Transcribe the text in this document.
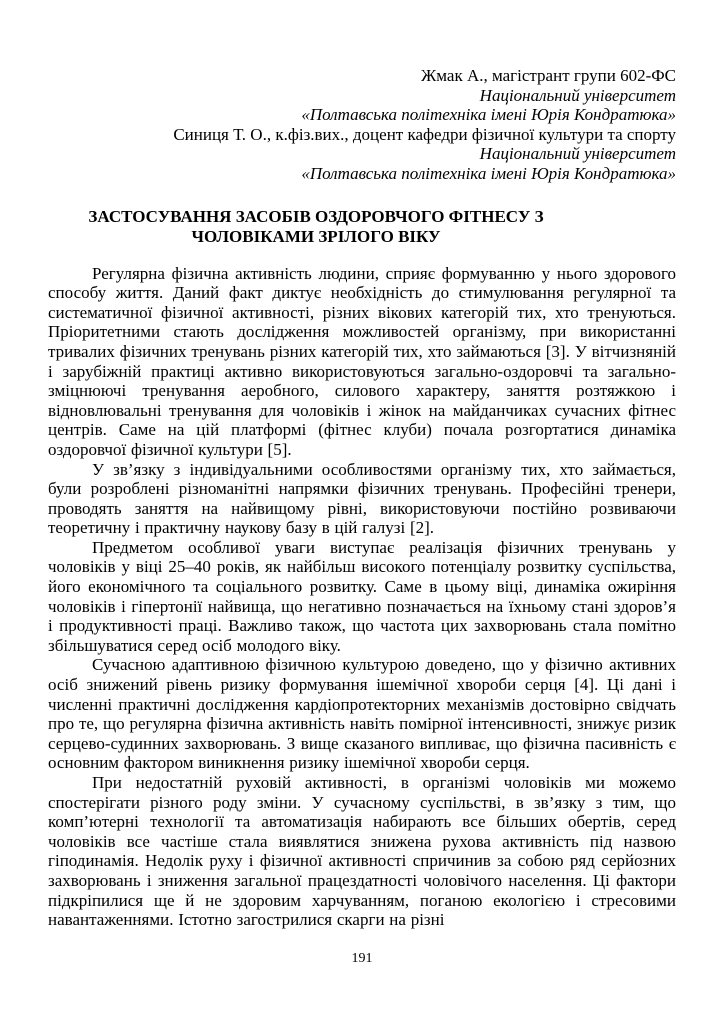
Жмак А., магістрант групи 602-ФС
Національний університет
«Полтавська політехніка імені Юрія Кондратюка»
Синиця Т. О., к.фіз.вих., доцент кафедри фізичної культури та спорту
Національний університет
«Полтавська політехніка імені Юрія Кондратюка»
ЗАСТОСУВАННЯ ЗАСОБІВ ОЗДОРОВЧОГО ФІТНЕСУ З
ЧОЛОВІКАМИ ЗРІЛОГО ВІКУ

Регулярна фізична активність людини, сприяє формуванню у нього здорового способу життя. Даний факт диктує необхідність до стимулювання регулярної та систематичної фізичної активності, різних вікових категорій тих, хто тренуються. Пріоритетними стають дослідження можливостей організму, при використанні тривалих фізичних тренувань різних категорій тих, хто займаються [3]. У вітчизняній і зарубіжній практиці активно використовуються загально-оздоровчі та загально-зміцнюючі тренування аеробного, силового характеру, заняття розтяжкою і відновлювальні тренування для чоловіків і жінок на майданчиках сучасних фітнес центрів. Саме на цій платформі (фітнес клуби) почала розгортатися динаміка оздоровчої фізичної культури [5].

У зв’язку з індивідуальними особливостями організму тих, хто займається, були розроблені різноманітні напрямки фізичних тренувань. Професійні тренери, проводять заняття на найвищому рівні, використовуючи постійно розвиваючи теоретичну і практичну наукову базу в цій галузі [2].

Предметом особливої уваги виступає реалізація фізичних тренувань у чоловіків у віці 25–40 років, як найбільш високого потенціалу розвитку суспільства, його економічного та соціального розвитку. Саме в цьому віці, динаміка ожиріння чоловіків і гіпертонії найвища, що негативно позначається на їхньому стані здоров’я і продуктивності праці. Важливо також, що частота цих захворювань стала помітно збільшуватися серед осіб молодого віку.

Сучасною адаптивною фізичною культурою доведено, що у фізично активних осіб знижений рівень ризику формування ішемічної хвороби серця [4]. Ці дані і численні практичні дослідження кардіопротекторних механізмів достовірно свідчать про те, що регулярна фізична активність навіть помірної інтенсивності, знижує ризик серцево-судинних захворювань. З вище сказаного випливає, що фізична пасивність є основним фактором виникнення ризику ішемічної хвороби серця.

При недостатній руховій активності, в організмі чоловіків ми можемо спостерігати різного роду зміни. У сучасному суспільстві, в зв’язку з тим, що комп’ютерні технології та автоматизація набирають все більших обертів, серед чоловіків все частіше стала виявлятися знижена рухова активність під назвою гіподинамія. Недолік руху і фізичної активності спричинив за собою ряд серйозних захворювань і зниження загальної працездатності чоловічого населення. Ці фактори підкріпилися ще й не здоровим харчуванням, поганою екологією і стресовими навантаженнями. Істотно загострилися скарги на різні

191
